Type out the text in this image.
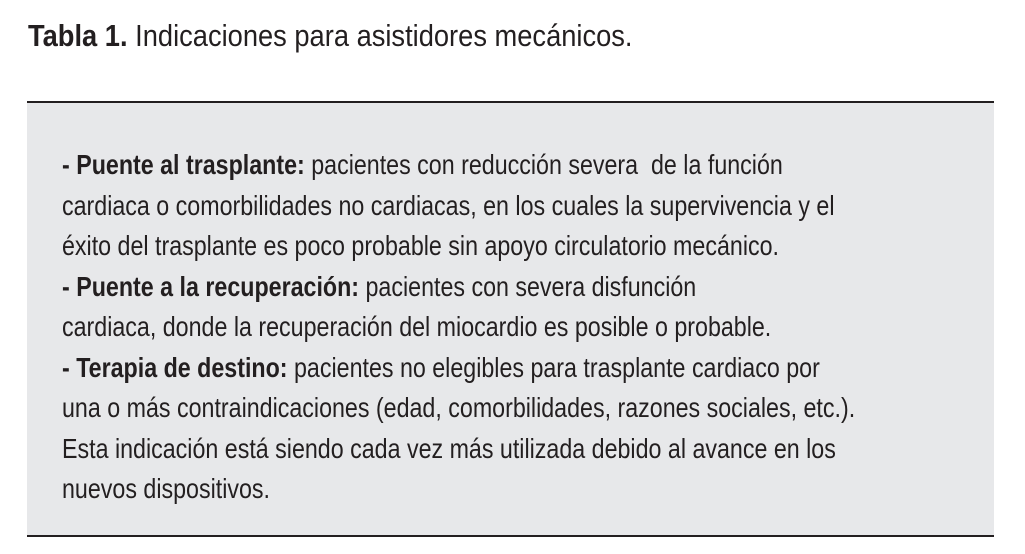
Tabla 1. Indicaciones para asistidores mecánicos.
- Puente al trasplante: pacientes con reducción severa  de la función
cardiaca o comorbilidades no cardiacas, en los cuales la supervivencia y el
éxito del trasplante es poco probable sin apoyo circulatorio mecánico.
- Puente a la recuperación: pacientes con severa disfunción
cardiaca, donde la recuperación del miocardio es posible o probable.
- Terapia de destino: pacientes no elegibles para trasplante cardiaco por
una o más contraindicaciones (edad, comorbilidades, razones sociales, etc.).
Esta indicación está siendo cada vez más utilizada debido al avance en los
nuevos dispositivos.
